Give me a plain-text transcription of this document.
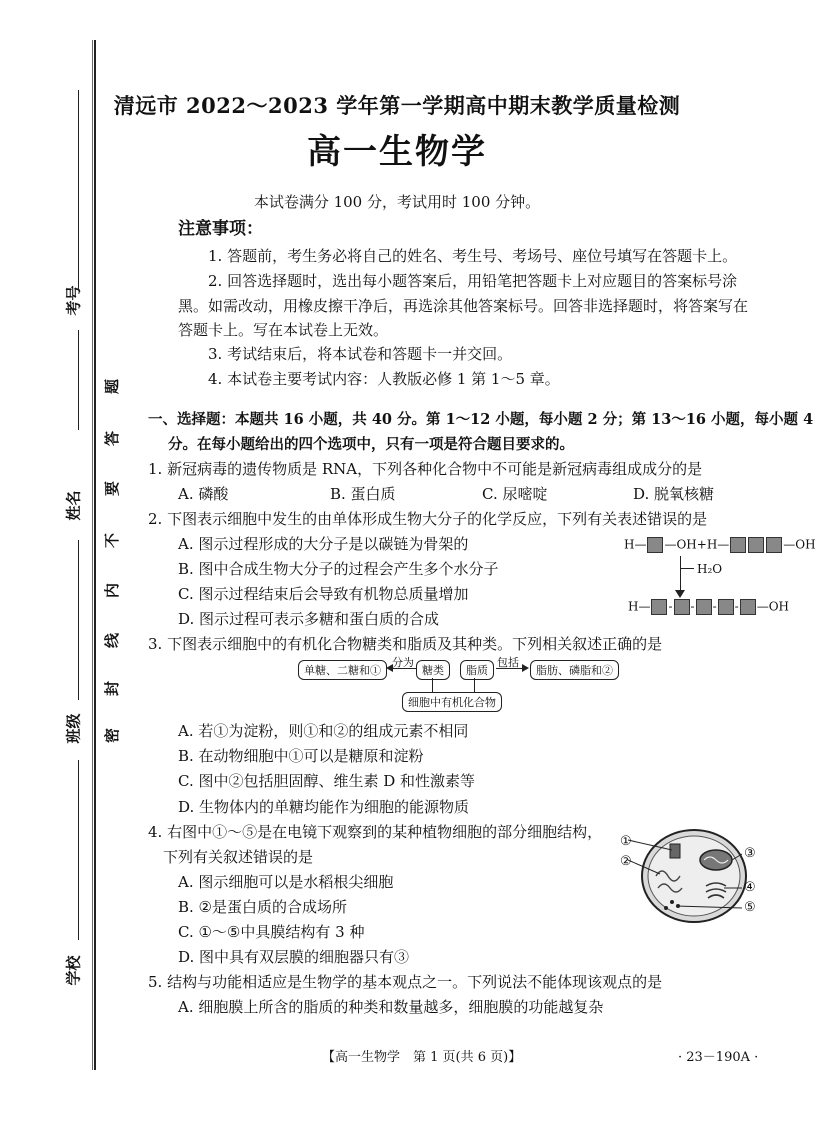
考号
姓名
班级
学校
题
答
要
不
内
线
封
密
清远市 2022～2023 学年第一学期高中期末教学质量检测
高一生物学
本试卷满分 100 分，考试用时 100 分钟。
注意事项：
1. 答题前，考生务必将自己的姓名、考生号、考场号、座位号填写在答题卡上。
2. 回答选择题时，选出每小题答案后，用铅笔把答题卡上对应题目的答案标号涂
黑。如需改动，用橡皮擦干净后，再选涂其他答案标号。回答非选择题时，将答案写在
答题卡上。写在本试卷上无效。
3. 考试结束后，将本试卷和答题卡一并交回。
4. 本试卷主要考试内容：人教版必修 1 第 1～5 章。
一、选择题：本题共 16 小题，共 40 分。第 1～12 小题，每小题 2 分；第 13～16 小题，每小题 4
分。在每小题给出的四个选项中，只有一项是符合题目要求的。
1. 新冠病毒的遗传物质是 RNA，下列各种化合物中不可能是新冠病毒组成成分的是
A. 磷酸	B. 蛋白质	C. 尿嘧啶	D. 脱氧核糖
2. 下图表示细胞中发生的由单体形成生物大分子的化学反应，下列有关表述错误的是
A. 图示过程形成的大分子是以碳链为骨架的
B. 图中合成生物大分子的过程会产生多个水分子
C. 图示过程结束后会导致有机物总质量增加
D. 图示过程可表示多糖和蛋白质的合成
H— —OH+H—	—OH
H₂O
H— - - - - —OH
3. 下图表示细胞中的有机化合物糖类和脂质及其种类。下列相关叙述正确的是
单糖、二糖和①
分为
糖类	脂质
包括
脂肪、磷脂和②
细胞中有机化合物
A. 若①为淀粉，则①和②的组成元素不相同
B. 在动物细胞中①可以是糖原和淀粉
C. 图中②包括胆固醇、维生素 D 和性激素等
D. 生物体内的单糖均能作为细胞的能源物质
4. 右图中①～⑤是在电镜下观察到的某种植物细胞的部分细胞结构，
下列有关叙述错误的是
A. 图示细胞可以是水稻根尖细胞
B. ②是蛋白质的合成场所
C. ①～⑤中具膜结构有 3 种
D. 图中具有双层膜的细胞器只有③
①
②
③
④
⑤
5. 结构与功能相适应是生物学的基本观点之一。下列说法不能体现该观点的是
A. 细胞膜上所含的脂质的种类和数量越多，细胞膜的功能越复杂
【高一生物学　第 1 页(共 6 页)】	· 23－190A ·
